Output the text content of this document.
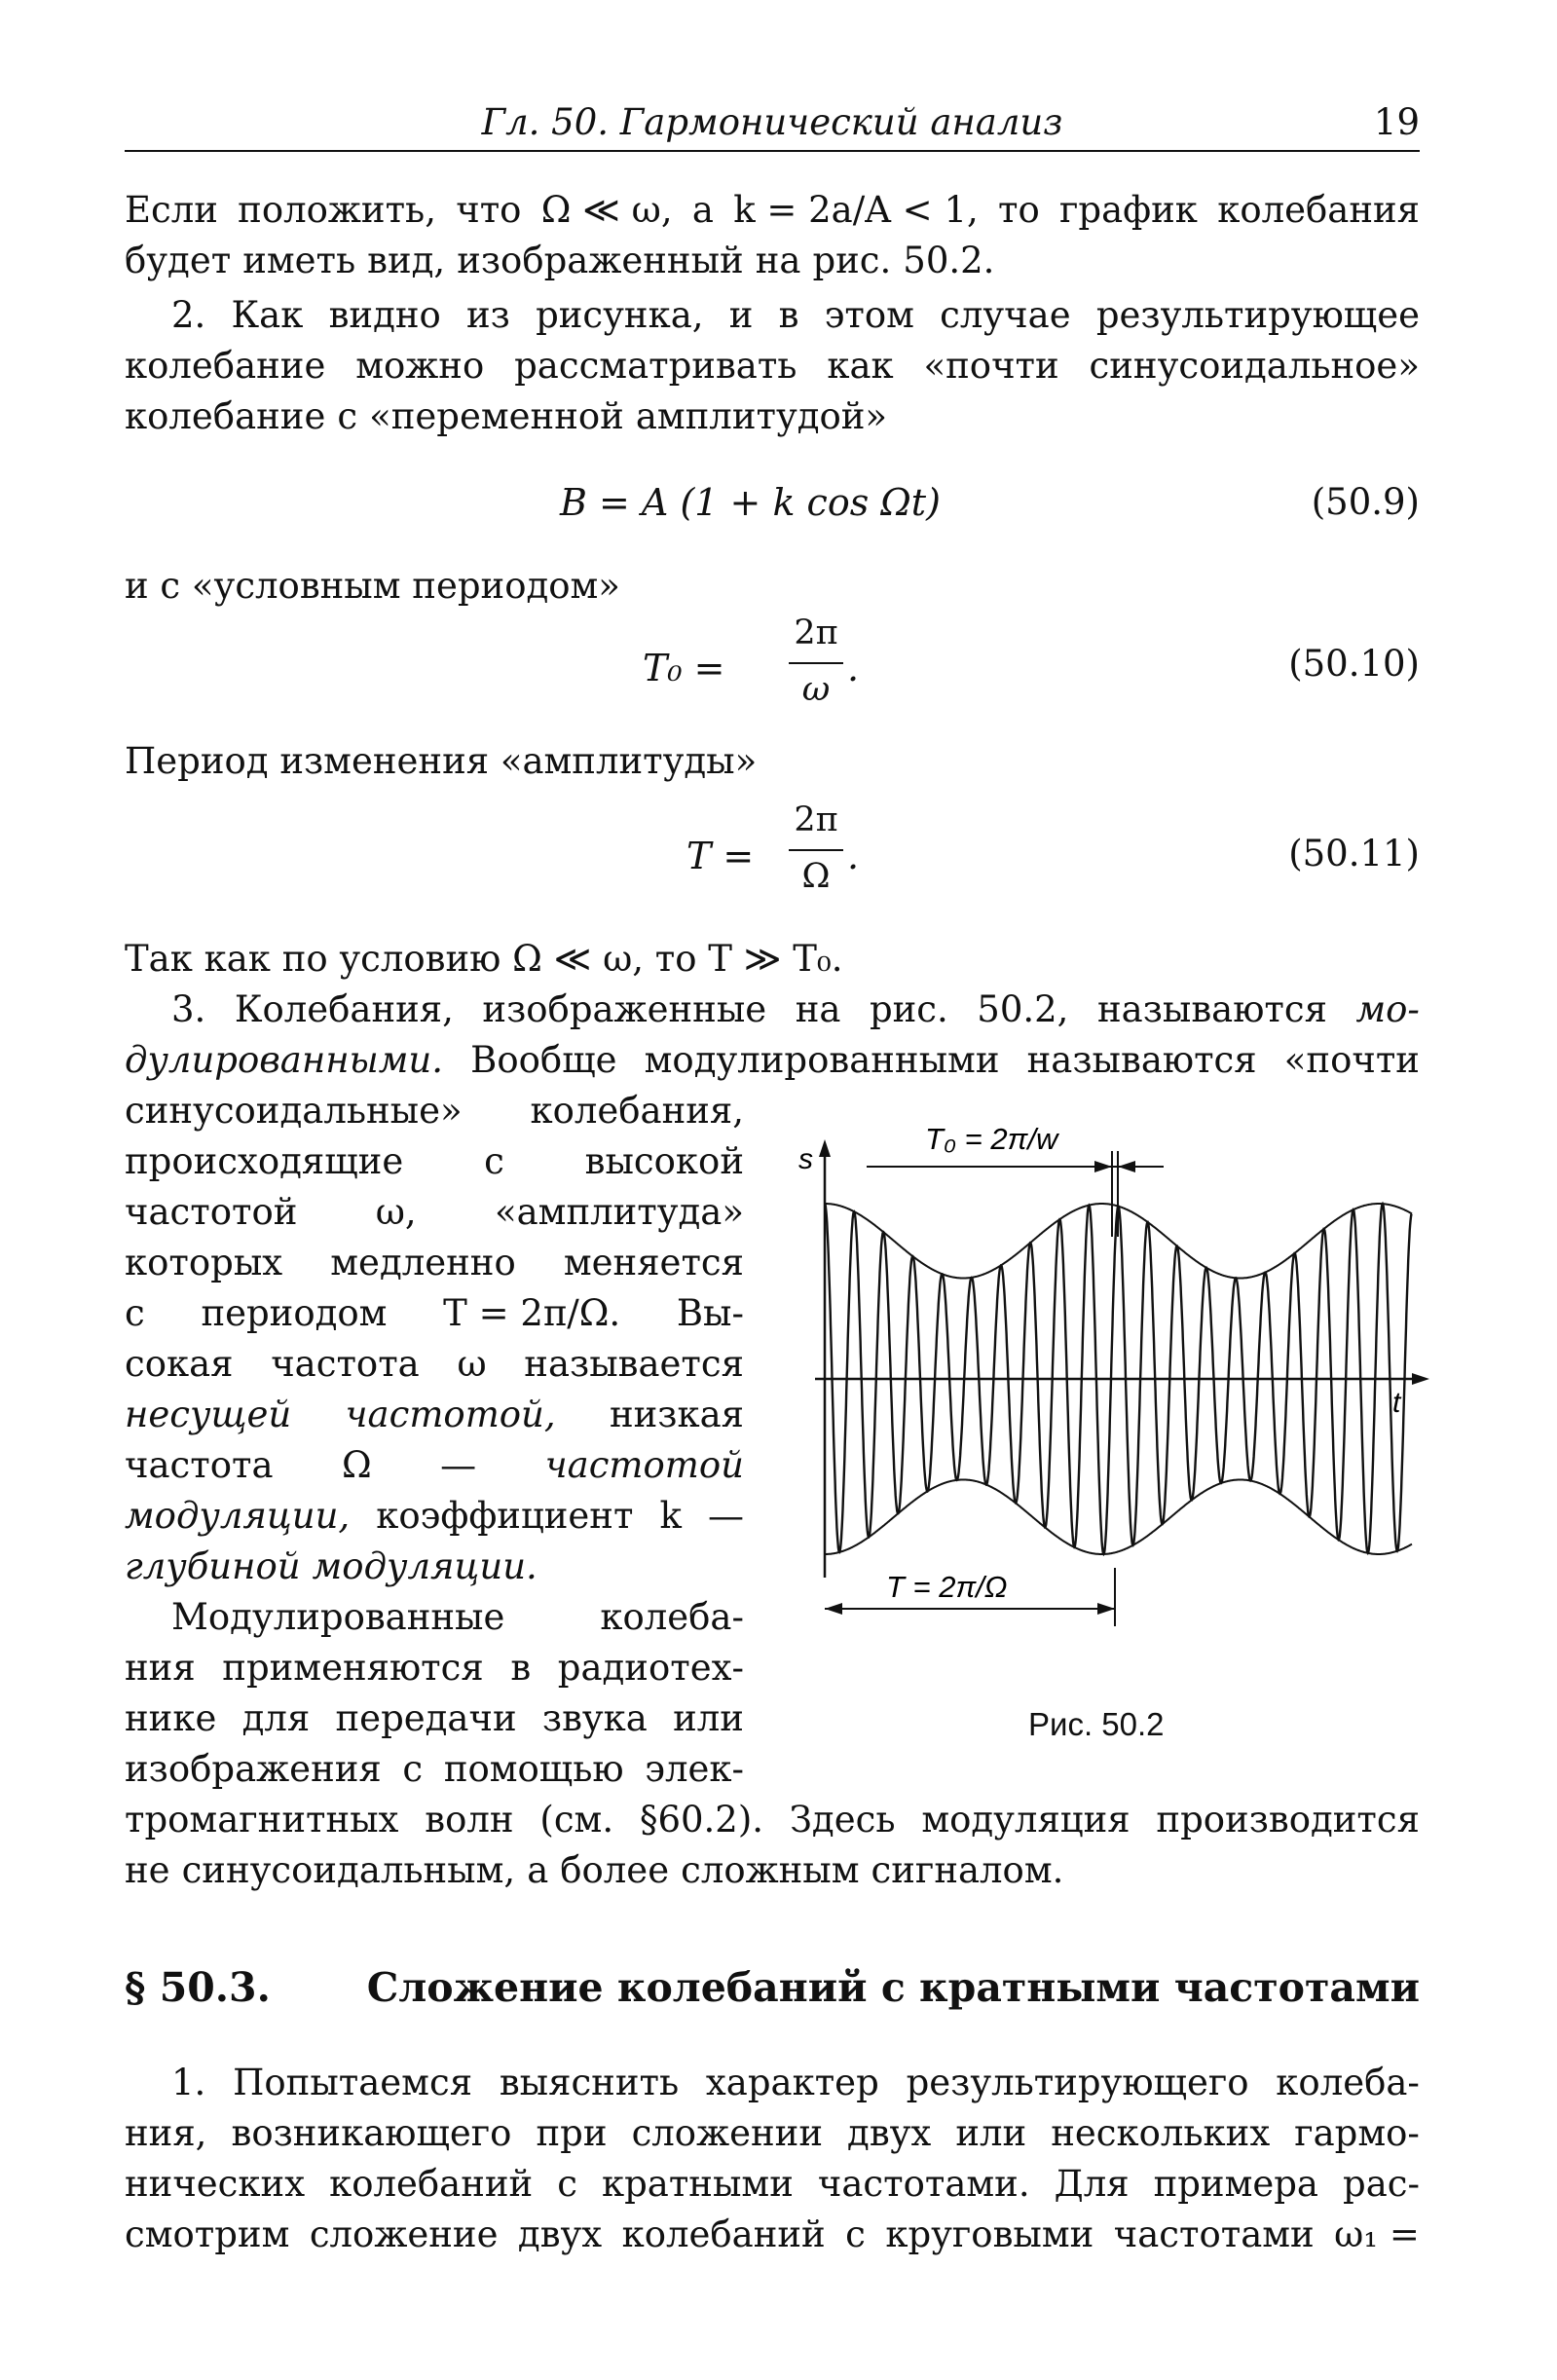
Гл. 50. Гармонический анализ	19
Если положить, что Ω ≪ ω, а k = 2a/A < 1, то график колебания
будет иметь вид, изображенный на рис. 50.2.
2. Как видно из рисунка, и в этом случае результирующее
колебание можно рассматривать как «почти синусоидальное»
колебание с «переменной амплитудой»
3. Колебания, изображенные на рис. 50.2, называются мо-
дулированными. Вообще модулированными называются «почти
B = A (1 + k cos Ωt)	(50.9)
и с «условным периодом»
T₀ =
2π
ω .	(50.10)
Период изменения «амплитуды»
T =
2π
Ω .	(50.11)
Так как по условию Ω ≪ ω, то T ≫ T₀.
синусоидальные» колебания,
происходящие с высокой
частотой ω, «амплитуда»
которых медленно меняется
с периодом T = 2π/Ω. Вы-
сокая частота ω называется
несущей частотой, низкая
частота Ω — частотой
модуляции, коэффициент k —
глубиной модуляции.
Модулированные	колеба-
ния применяются в радиотех-
нике для передачи звука или
изображения с помощью элек-
s
t
T₀ = 2π/w
T = 2π/Ω
Рис. 50.2
§ 50.3. Сложение колебаний с кратными частотами
тромагнитных волн (см. §60.2). Здесь модуляция производится
не синусоидальным, а более сложным сигналом.
1. Попытаемся выяснить характер результирующего колеба-
ния, возникающего при сложении двух или нескольких гармо-
нических колебаний с кратными частотами. Для примера рас-
смотрим сложение двух колебаний с круговыми частотами ω₁ =
